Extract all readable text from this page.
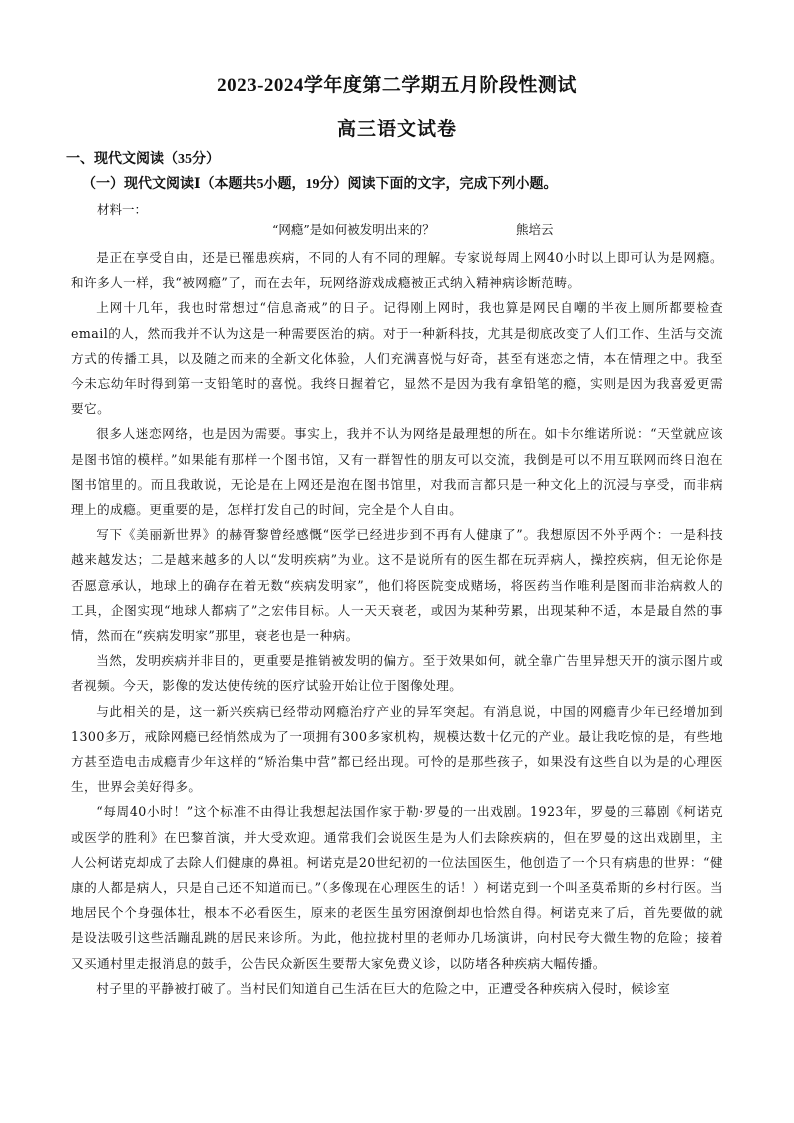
2023-2024学年度第二学期五月阶段性测试
高三语文试卷
一、现代文阅读（35分）
（一）现代文阅读Ⅰ（本题共5小题，19分）阅读下面的文字，完成下列小题。
材料一：
“网瘾”是如何被发明出来的？	熊培云

是正在享受自由，还是已罹患疾病，不同的人有不同的理解。专家说每周上网40小时以上即可认为是网瘾。和许多人一样，我“被网瘾”了，而在去年，玩网络游戏成瘾被正式纳入精神病诊断范畴。

上网十几年，我也时常想过“信息斋戒”的日子。记得刚上网时，我也算是网民自嘲的半夜上厕所都要检查email的人，然而我并不认为这是一种需要医治的病。对于一种新科技，尤其是彻底改变了人们工作、生活与交流方式的传播工具，以及随之而来的全新文化体验，人们充满喜悦与好奇，甚至有迷恋之情，本在情理之中。我至今未忘幼年时得到第一支铅笔时的喜悦。我终日握着它，显然不是因为我有拿铅笔的瘾，实则是因为我喜爱更需要它。

很多人迷恋网络，也是因为需要。事实上，我并不认为网络是最理想的所在。如卡尔维诺所说：“天堂就应该是图书馆的模样。”如果能有那样一个图书馆，又有一群智性的朋友可以交流，我倒是可以不用互联网而终日泡在图书馆里的。而且我敢说，无论是在上网还是泡在图书馆里，对我而言都只是一种文化上的沉浸与享受，而非病理上的成瘾。更重要的是，怎样打发自己的时间，完全是个人自由。

写下《美丽新世界》的赫胥黎曾经感慨“医学已经进步到不再有人健康了”。我想原因不外乎两个：一是科技越来越发达；二是越来越多的人以“发明疾病”为业。这不是说所有的医生都在玩弄病人，操控疾病，但无论你是否愿意承认，地球上的确存在着无数“疾病发明家”，他们将医院变成赌场，将医药当作唯利是图而非治病救人的工具，企图实现“地球人都病了”之宏伟目标。人一天天衰老，或因为某种劳累，出现某种不适，本是最自然的事情，然而在“疾病发明家”那里，衰老也是一种病。

当然，发明疾病并非目的，更重要是推销被发明的偏方。至于效果如何，就全靠广告里异想天开的演示图片或者视频。今天，影像的发达使传统的医疗试验开始让位于图像处理。

与此相关的是，这一新兴疾病已经带动网瘾治疗产业的异军突起。有消息说，中国的网瘾青少年已经增加到1300多万，戒除网瘾已经悄然成为了一项拥有300多家机构，规模达数十亿元的产业。最让我吃惊的是，有些地方甚至造电击成瘾青少年这样的“矫治集中营”都已经出现。可怜的是那些孩子，如果没有这些自以为是的心理医生，世界会美好得多。

“每周40小时！”这个标准不由得让我想起法国作家于勒·罗曼的一出戏剧。1923年，罗曼的三幕剧《柯诺克或医学的胜利》在巴黎首演，并大受欢迎。通常我们会说医生是为人们去除疾病的，但在罗曼的这出戏剧里，主人公柯诺克却成了去除人们健康的鼻祖。柯诺克是20世纪初的一位法国医生，他创造了一个只有病患的世界：“健康的人都是病人，只是自己还不知道而已。”（多像现在心理医生的话！）柯诺克到一个叫圣莫希斯的乡村行医。当地居民个个身强体壮，根本不必看医生，原来的老医生虽穷困潦倒却也恰然自得。柯诺克来了后，首先要做的就是设法吸引这些活蹦乱跳的居民来诊所。为此，他拉拢村里的老师办几场演讲，向村民夸大微生物的危险；接着又买通村里走报消息的鼓手，公告民众新医生要帮大家免费义诊，以防堵各种疾病大幅传播。

村子里的平静被打破了。当村民们知道自己生活在巨大的危险之中，正遭受各种疾病入侵时，候诊室
